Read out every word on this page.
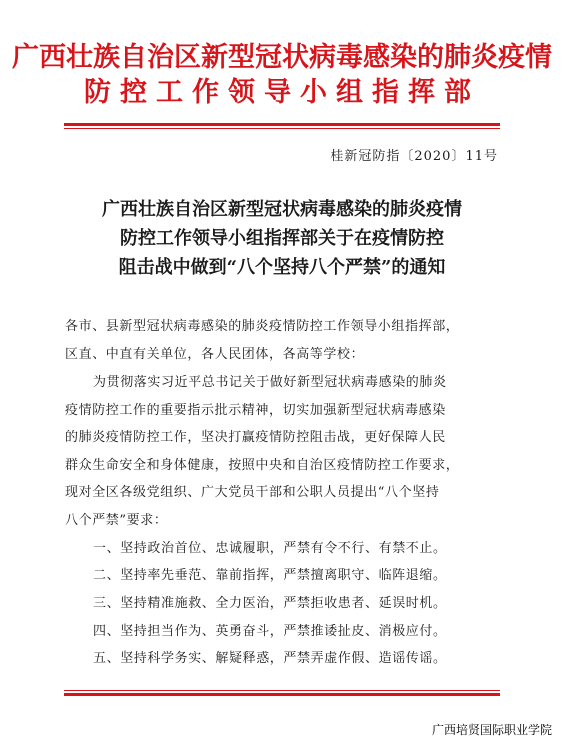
广西壮族自治区新型冠状病毒感染的肺炎疫情
防控工作领导小组指挥部
桂新冠防指〔2020〕11号
广西壮族自治区新型冠状病毒感染的肺炎疫情
防控工作领导小组指挥部关于在疫情防控
阻击战中做到“八个坚持八个严禁”的通知
各市、县新型冠状病毒感染的肺炎疫情防控工作领导小组指挥部，
区直、中直有关单位，各人民团体，各高等学校：
为贯彻落实习近平总书记关于做好新型冠状病毒感染的肺炎
疫情防控工作的重要指示批示精神，切实加强新型冠状病毒感染
的肺炎疫情防控工作，坚决打赢疫情防控阻击战，更好保障人民
群众生命安全和身体健康，按照中央和自治区疫情防控工作要求，
现对全区各级党组织、广大党员干部和公职人员提出“八个坚持
八个严禁”要求：
一、坚持政治首位、忠诚履职，严禁有令不行、有禁不止。
二、坚持率先垂范、靠前指挥，严禁擅离职守、临阵退缩。
三、坚持精准施救、全力医治，严禁拒收患者、延误时机。
四、坚持担当作为、英勇奋斗，严禁推诿扯皮、消极应付。
五、坚持科学务实、解疑释惑，严禁弄虚作假、造谣传谣。
广西培贤国际职业学院
